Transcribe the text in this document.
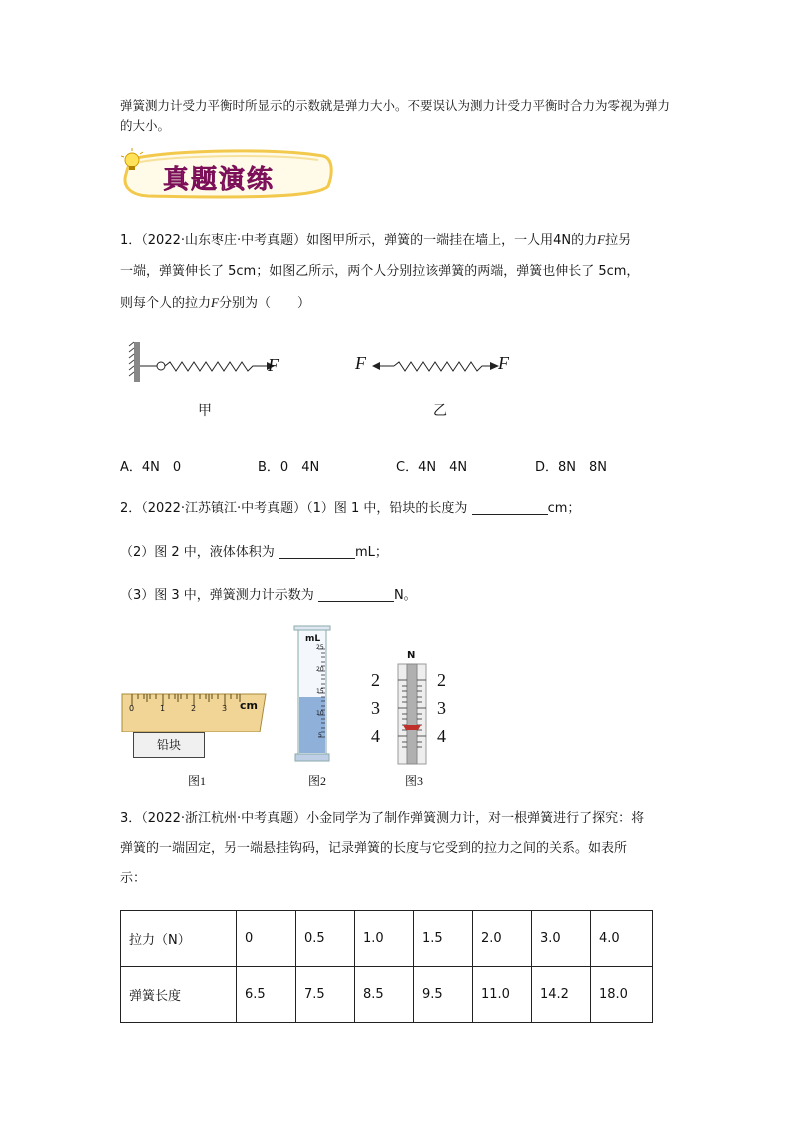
弹簧测力计受力平衡时所显示的示数就是弹力大小。不要误认为测力计受力平衡时合力为零视为弹力的大小。
真题演练
1．（2022·山东枣庄·中考真题）如图甲所示，弹簧的一端挂在墙上，一人用4N的力F拉另
一端，弹簧伸长了 5cm；如图乙所示，两个人分别拉该弹簧的两端，弹簧也伸长了 5cm，
则每个人的拉力F分别为（　　）
F
甲
F	F
乙
A．4N　0	B．0　4N	C．4N　4N	D．8N　8N
2．（2022·江苏镇江·中考真题）（1）图 1 中，铅块的长度为	cm；
（2）图 2 中，液体体积为	mL；
（3）图 3 中，弹簧测力计示数为	N。
0	1	2	3 cm
铅块
图1
mL
25
20
15
10
5
图2
N
2	2
3	3
4	4
图3
3．（2022·浙江杭州·中考真题）小金同学为了制作弹簧测力计，对一根弹簧进行了探究：将
弹簧的一端固定，另一端悬挂钩码，记录弹簧的长度与它受到的拉力之间的关系。如表所
示：
拉力（N）	0	0.5	1.0	1.5	2.0	3.0	4.0
弹簧长度	6.5	7.5	8.5	9.5	11.0	14.2	18.0
